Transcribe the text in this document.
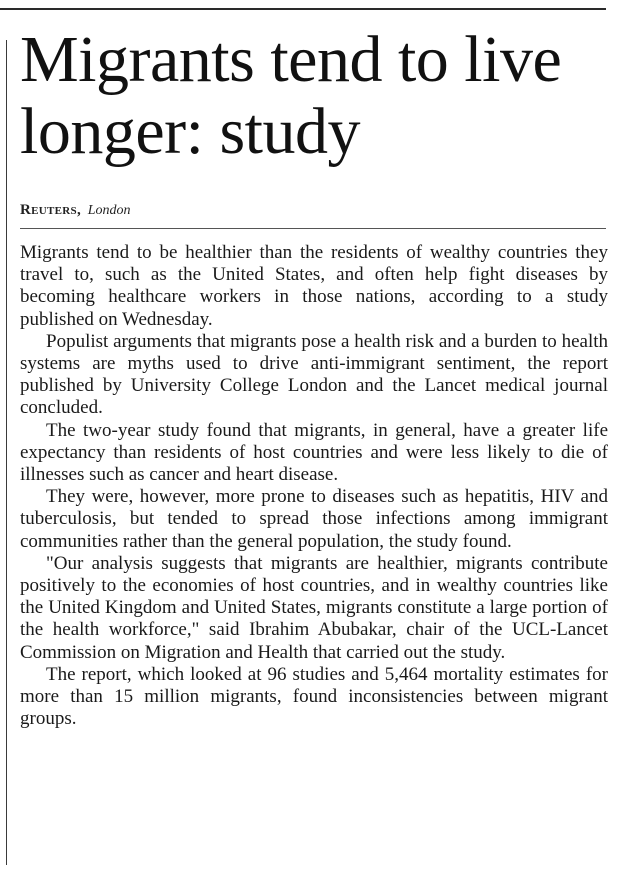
Migrants tend to live longer: study
Reuters, London

Migrants tend to be healthier than the residents of wealthy countries they travel to, such as the United States, and often help fight diseases by becoming healthcare workers in those nations, according to a study published on Wednesday.

Populist arguments that migrants pose a health risk and a burden to health systems are myths used to drive anti-immigrant sentiment, the report published by University College London and the Lancet medical journal concluded.

The two-year study found that migrants, in general, have a greater life expectancy than residents of host countries and were less likely to die of illnesses such as cancer and heart disease.

They were, however, more prone to diseases such as hepatitis, HIV and tuberculosis, but tended to spread those infections among immigrant communities rather than the general population, the study found.

"Our analysis suggests that migrants are healthier, migrants contribute positively to the economies of host countries, and in wealthy countries like the United Kingdom and United States, migrants constitute a large portion of the health workforce," said Ibrahim Abubakar, chair of the UCL-Lancet Commission on Migration and Health that carried out the study.

The report, which looked at 96 studies and 5,464 mortality estimates for more than 15 million migrants, found inconsistencies between migrant groups.
